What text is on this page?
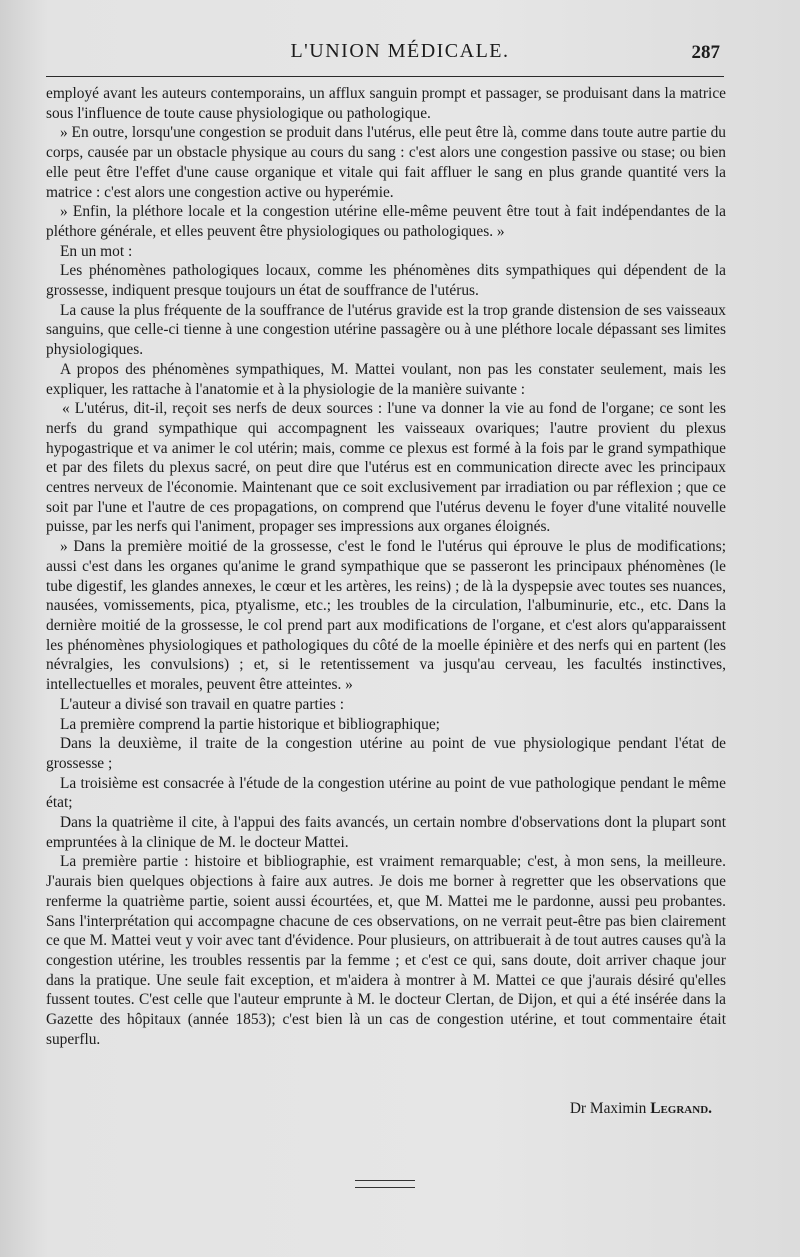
L'UNION MÉDICALE.	287

employé avant les auteurs contemporains, un afflux sanguin prompt et passager, se produisant dans la matrice sous l'influence de toute cause physiologique ou pathologique.

» En outre, lorsqu'une congestion se produit dans l'utérus, elle peut être là, comme dans toute autre partie du corps, causée par un obstacle physique au cours du sang : c'est alors une congestion passive ou stase; ou bien elle peut être l'effet d'une cause organique et vitale qui fait affluer le sang en plus grande quantité vers la matrice : c'est alors une congestion active ou hyperémie.

» Enfin, la pléthore locale et la congestion utérine elle-même peuvent être tout à fait indépendantes de la pléthore générale, et elles peuvent être physiologiques ou pathologiques. »

En un mot :

Les phénomènes pathologiques locaux, comme les phénomènes dits sympathiques qui dépendent de la grossesse, indiquent presque toujours un état de souffrance de l'utérus.

La cause la plus fréquente de la souffrance de l'utérus gravide est la trop grande distension de ses vaisseaux sanguins, que celle-ci tienne à une congestion utérine passagère ou à une pléthore locale dépassant ses limites physiologiques.

A propos des phénomènes sympathiques, M. Mattei voulant, non pas les constater seulement, mais les expliquer, les rattache à l'anatomie et à la physiologie de la manière suivante :

« L'utérus, dit-il, reçoit ses nerfs de deux sources : l'une va donner la vie au fond de l'organe; ce sont les nerfs du grand sympathique qui accompagnent les vaisseaux ovariques; l'autre provient du plexus hypogastrique et va animer le col utérin; mais, comme ce plexus est formé à la fois par le grand sympathique et par des filets du plexus sacré, on peut dire que l'utérus est en communication directe avec les principaux centres nerveux de l'économie. Maintenant que ce soit exclusivement par irradiation ou par réflexion ; que ce soit par l'une et l'autre de ces propagations, on comprend que l'utérus devenu le foyer d'une vitalité nouvelle puisse, par les nerfs qui l'animent, propager ses impressions aux organes éloignés.

» Dans la première moitié de la grossesse, c'est le fond le l'utérus qui éprouve le plus de modifications; aussi c'est dans les organes qu'anime le grand sympathique que se passeront les principaux phénomènes (le tube digestif, les glandes annexes, le cœur et les artères, les reins) ; de là la dyspepsie avec toutes ses nuances, nausées, vomissements, pica, ptyalisme, etc.; les troubles de la circulation, l'albuminurie, etc., etc. Dans la dernière moitié de la grossesse, le col prend part aux modifications de l'organe, et c'est alors qu'apparaissent les phénomènes physiologiques et pathologiques du côté de la moelle épinière et des nerfs qui en partent (les névralgies, les convulsions) ; et, si le retentissement va jusqu'au cerveau, les facultés instinctives, intellectuelles et morales, peuvent être atteintes. »

L'auteur a divisé son travail en quatre parties :

La première comprend la partie historique et bibliographique;

Dans la deuxième, il traite de la congestion utérine au point de vue physiologique pendant l'état de grossesse ;

La troisième est consacrée à l'étude de la congestion utérine au point de vue pathologique pendant le même état;

Dans la quatrième il cite, à l'appui des faits avancés, un certain nombre d'observations dont la plupart sont empruntées à la clinique de M. le docteur Mattei.

La première partie : histoire et bibliographie, est vraiment remarquable; c'est, à mon sens, la meilleure. J'aurais bien quelques objections à faire aux autres. Je dois me borner à regretter que les observations que renferme la quatrième partie, soient aussi écourtées, et, que M. Mattei me le pardonne, aussi peu probantes. Sans l'interprétation qui accompagne chacune de ces observations, on ne verrait peut-être pas bien clairement ce que M. Mattei veut y voir avec tant d'évidence. Pour plusieurs, on attribuerait à de tout autres causes qu'à la congestion utérine, les troubles ressentis par la femme ; et c'est ce qui, sans doute, doit arriver chaque jour dans la pratique. Une seule fait exception, et m'aidera à montrer à M. Mattei ce que j'aurais désiré qu'elles fussent toutes. C'est celle que l'auteur emprunte à M. le docteur Clertan, de Dijon, et qui a été insérée dans la Gazette des hôpitaux (année 1853); c'est bien là un cas de congestion utérine, et tout commentaire était superflu.

Dr Maximin Legrand.
